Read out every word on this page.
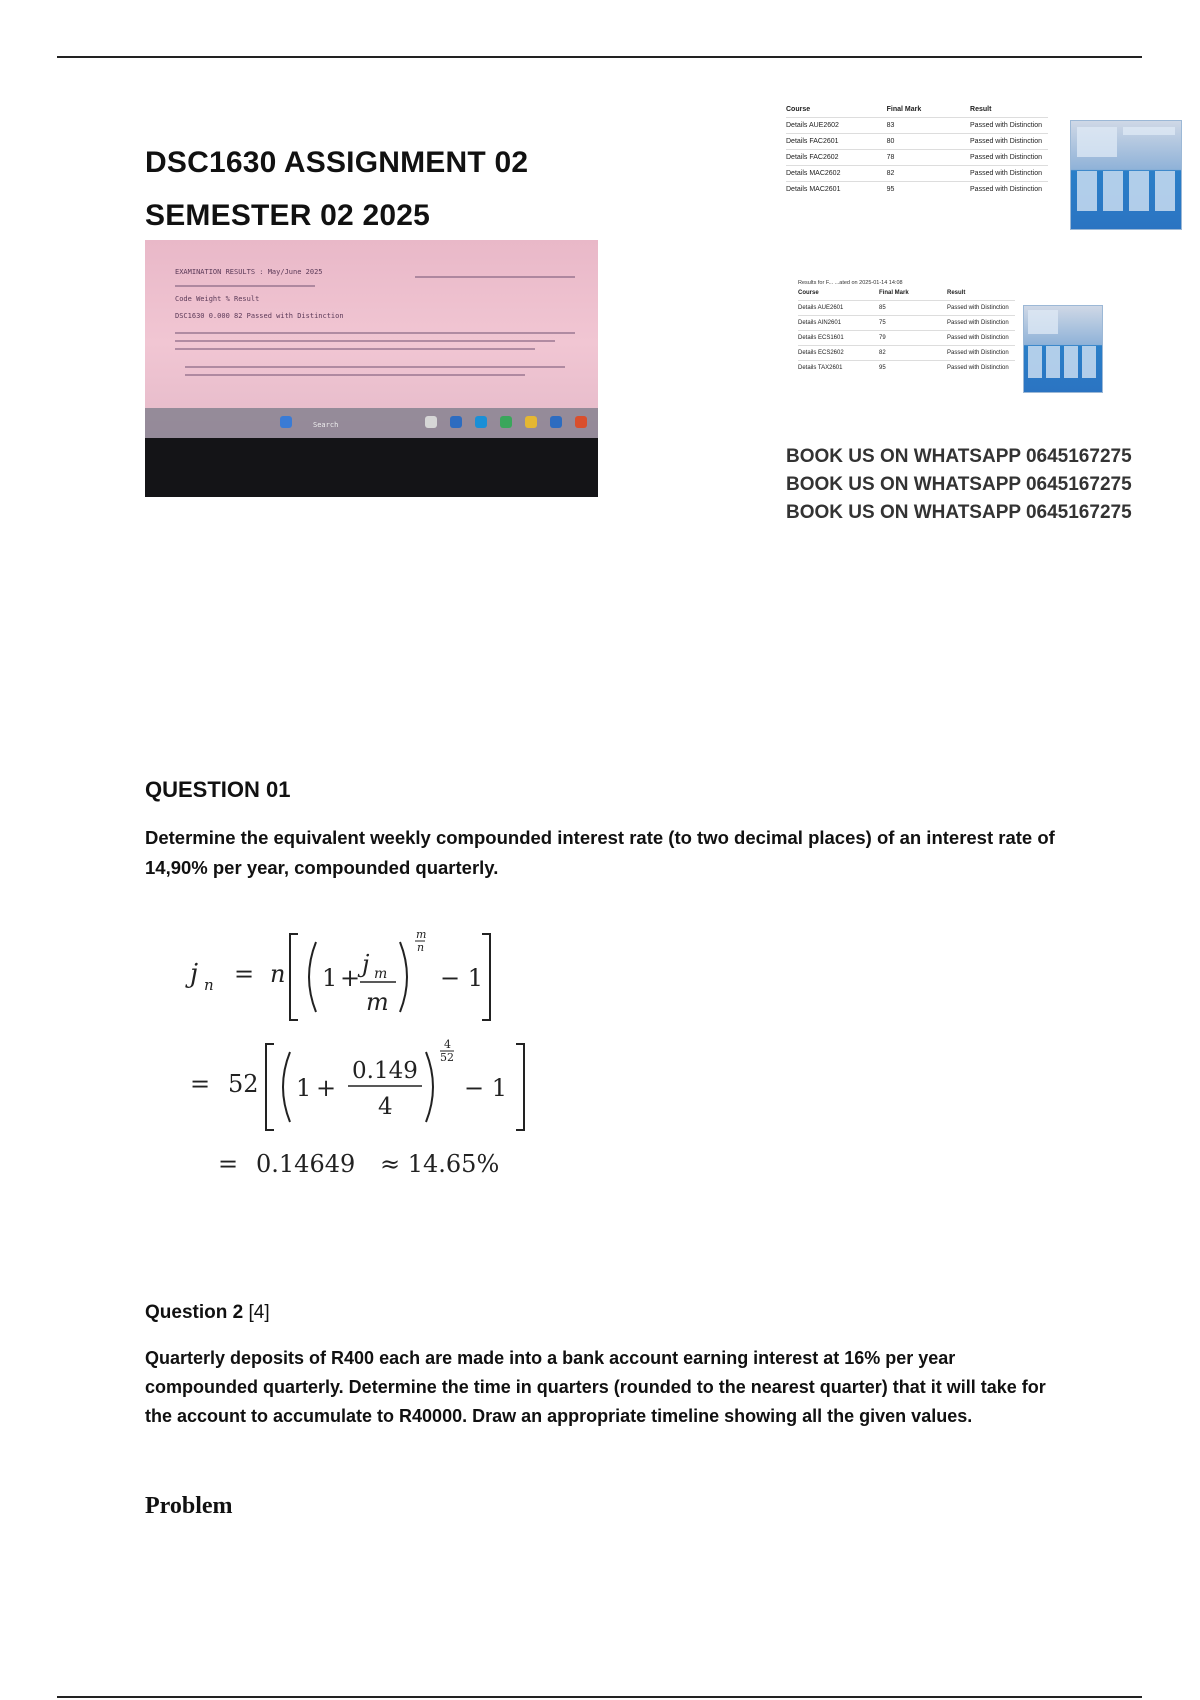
DSC1630 ASSIGNMENT 02
SEMESTER 02 2025
EXAMINATION RESULTS : May/June 2025
Code Weight % Result
DSC1630 0.000 82 Passed with Distinction
Search
Course	Final Mark	Result
Details AUE2602	83	Passed with Distinction
Details FAC2601	80	Passed with Distinction
Details FAC2602	78	Passed with Distinction
Details MAC2602	82	Passed with Distinction
Details MAC2601	95	Passed with Distinction
Results for F... ...ated on 2025-01-14 14:08
Course	Final Mark	Result
Details AUE2601	85	Passed with Distinction
Details AIN2601	75	Passed with Distinction
Details ECS1601	79	Passed with Distinction
Details ECS2602	82	Passed with Distinction
Details TAX2601	95	Passed with Distinction
BOOK US ON WHATSAPP 0645167275
BOOK US ON WHATSAPP 0645167275
BOOK US ON WHATSAPP 0645167275
QUESTION 01
Determine the equivalent weekly compounded interest rate (to two decimal places) of an interest rate of 14,90% per year, compounded quarterly.
j n = n 1 + j m
m
m
n
− 1
= 52 1 +
0.149
4
4
52
− 1
= 0.14649 ≈ 14.65%
Question 2 [4]
Quarterly deposits of R400 each are made into a bank account earning interest at 16% per year compounded quarterly. Determine the time in quarters (rounded to the nearest quarter) that it will take for the account to accumulate to R40000. Draw an appropriate timeline showing all the given values.
Problem
